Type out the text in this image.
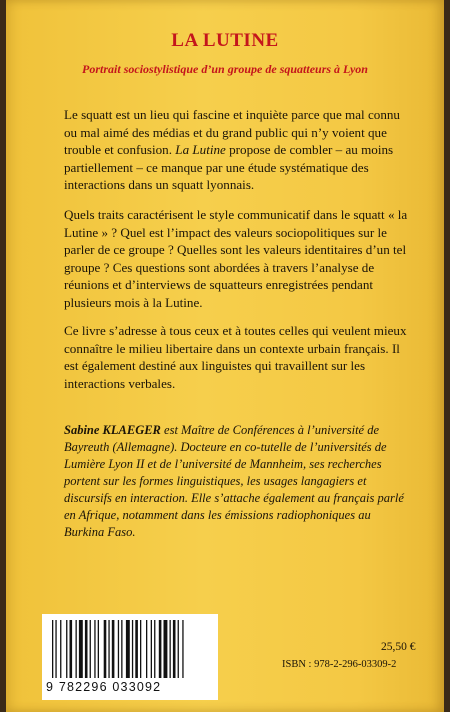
LA LUTINE
Portrait sociostylistique d’un groupe de squatteurs à Lyon

Le squatt est un lieu qui fascine et inquiète parce que mal connu ou mal aimé des médias et du grand public qui n’y voient que trouble et confusion. La Lutine propose de combler – au moins partiellement – ce manque par une étude systématique des interactions dans un squatt lyonnais.

Quels traits caractérisent le style communicatif dans le squatt « la Lutine » ? Quel est l’impact des valeurs sociopolitiques sur le parler de ce groupe ? Quelles sont les valeurs identitaires d’un tel groupe ? Ces questions sont abordées à travers l’analyse de réunions et d’interviews de squatteurs enregistrées pendant plusieurs mois à la Lutine.

Ce livre s’adresse à tous ceux et à toutes celles qui veulent mieux connaître le milieu libertaire dans un contexte urbain français. Il est également destiné aux linguistes qui travaillent sur les interactions verbales.

Sabine KLAEGER est Maître de Conférences à l’université de Bayreuth (Allemagne). Docteure en co-tutelle de l’universités de Lumière Lyon II et de l’université de Mannheim, ses recherches portent sur les formes linguistiques, les usages langagiers et discursifs en interaction. Elle s’attache également au français parlé en Afrique, notamment dans les émissions radiophoniques au Burkina Faso.
9 782296 033092
25,50 €
ISBN : 978-2-296-03309-2
